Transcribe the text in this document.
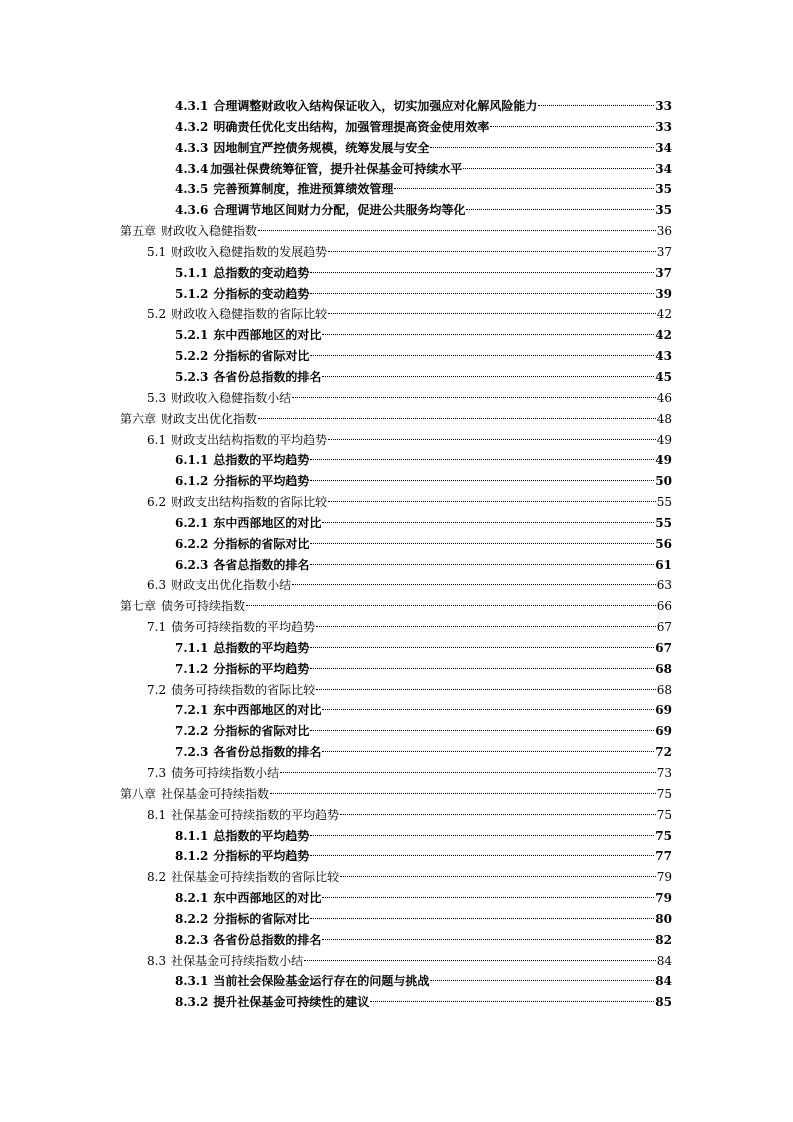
4.3.1 合理调整财政收入结构保证收入，切实加强应对化解风险能力	33
4.3.2 明确责任优化支出结构，加强管理提高资金使用效率	33
4.3.3 因地制宜严控债务规模，统筹发展与安全	34
4.3.4 加强社保费统筹征管，提升社保基金可持续水平	34
4.3.5 完善预算制度，推进预算绩效管理	35
4.3.6 合理调节地区间财力分配，促进公共服务均等化	35
第五章 财政收入稳健指数	36
5.1 财政收入稳健指数的发展趋势	37
5.1.1 总指数的变动趋势	37
5.1.2 分指标的变动趋势	39
5.2 财政收入稳健指数的省际比较	42
5.2.1 东中西部地区的对比	42
5.2.2 分指标的省际对比	43
5.2.3 各省份总指数的排名	45
5.3 财政收入稳健指数小结	46
第六章 财政支出优化指数	48
6.1 财政支出结构指数的平均趋势	49
6.1.1 总指数的平均趋势	49
6.1.2 分指标的平均趋势	50
6.2 财政支出结构指数的省际比较	55
6.2.1 东中西部地区的对比	55
6.2.2 分指标的省际对比	56
6.2.3 各省总指数的排名	61
6.3 财政支出优化指数小结	63
第七章 债务可持续指数	66
7.1 债务可持续指数的平均趋势	67
7.1.1 总指数的平均趋势	67
7.1.2 分指标的平均趋势	68
7.2 债务可持续指数的省际比较	68
7.2.1 东中西部地区的对比	69
7.2.2 分指标的省际对比	69
7.2.3 各省份总指数的排名	72
7.3 债务可持续指数小结	73
第八章 社保基金可持续指数	75
8.1 社保基金可持续指数的平均趋势	75
8.1.1 总指数的平均趋势	75
8.1.2 分指标的平均趋势	77
8.2 社保基金可持续指数的省际比较	79
8.2.1 东中西部地区的对比	79
8.2.2 分指标的省际对比	80
8.2.3 各省份总指数的排名	82
8.3 社保基金可持续指数小结	84
8.3.1 当前社会保险基金运行存在的问题与挑战	84
8.3.2 提升社保基金可持续性的建议	85
